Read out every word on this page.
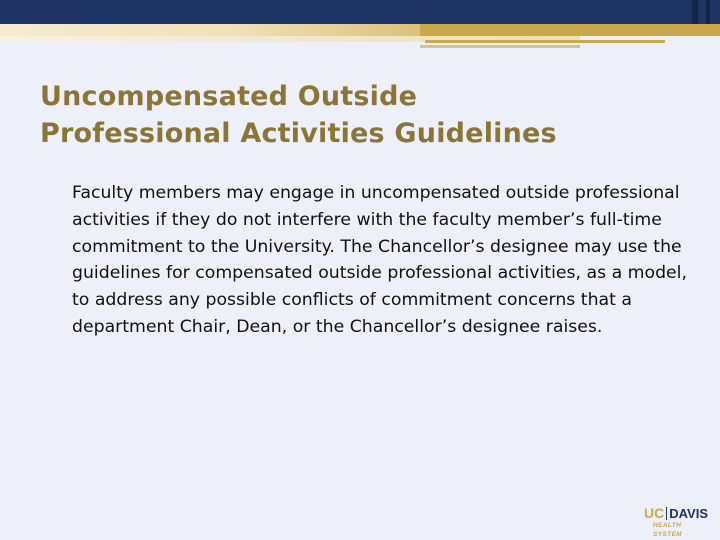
Uncompensated Outside
Professional Activities Guidelines

Faculty members may engage in uncompensated outside professional activities if they do not interfere with the faculty member’s full-time commitment to the University. The Chancellor’s designee may use the guidelines for compensated outside professional activities, as a model, to address any possible conflicts of commitment concerns that a department Chair, Dean, or the Chancellor’s designee raises.

UC DAVIS
HEALTH SYSTEM
